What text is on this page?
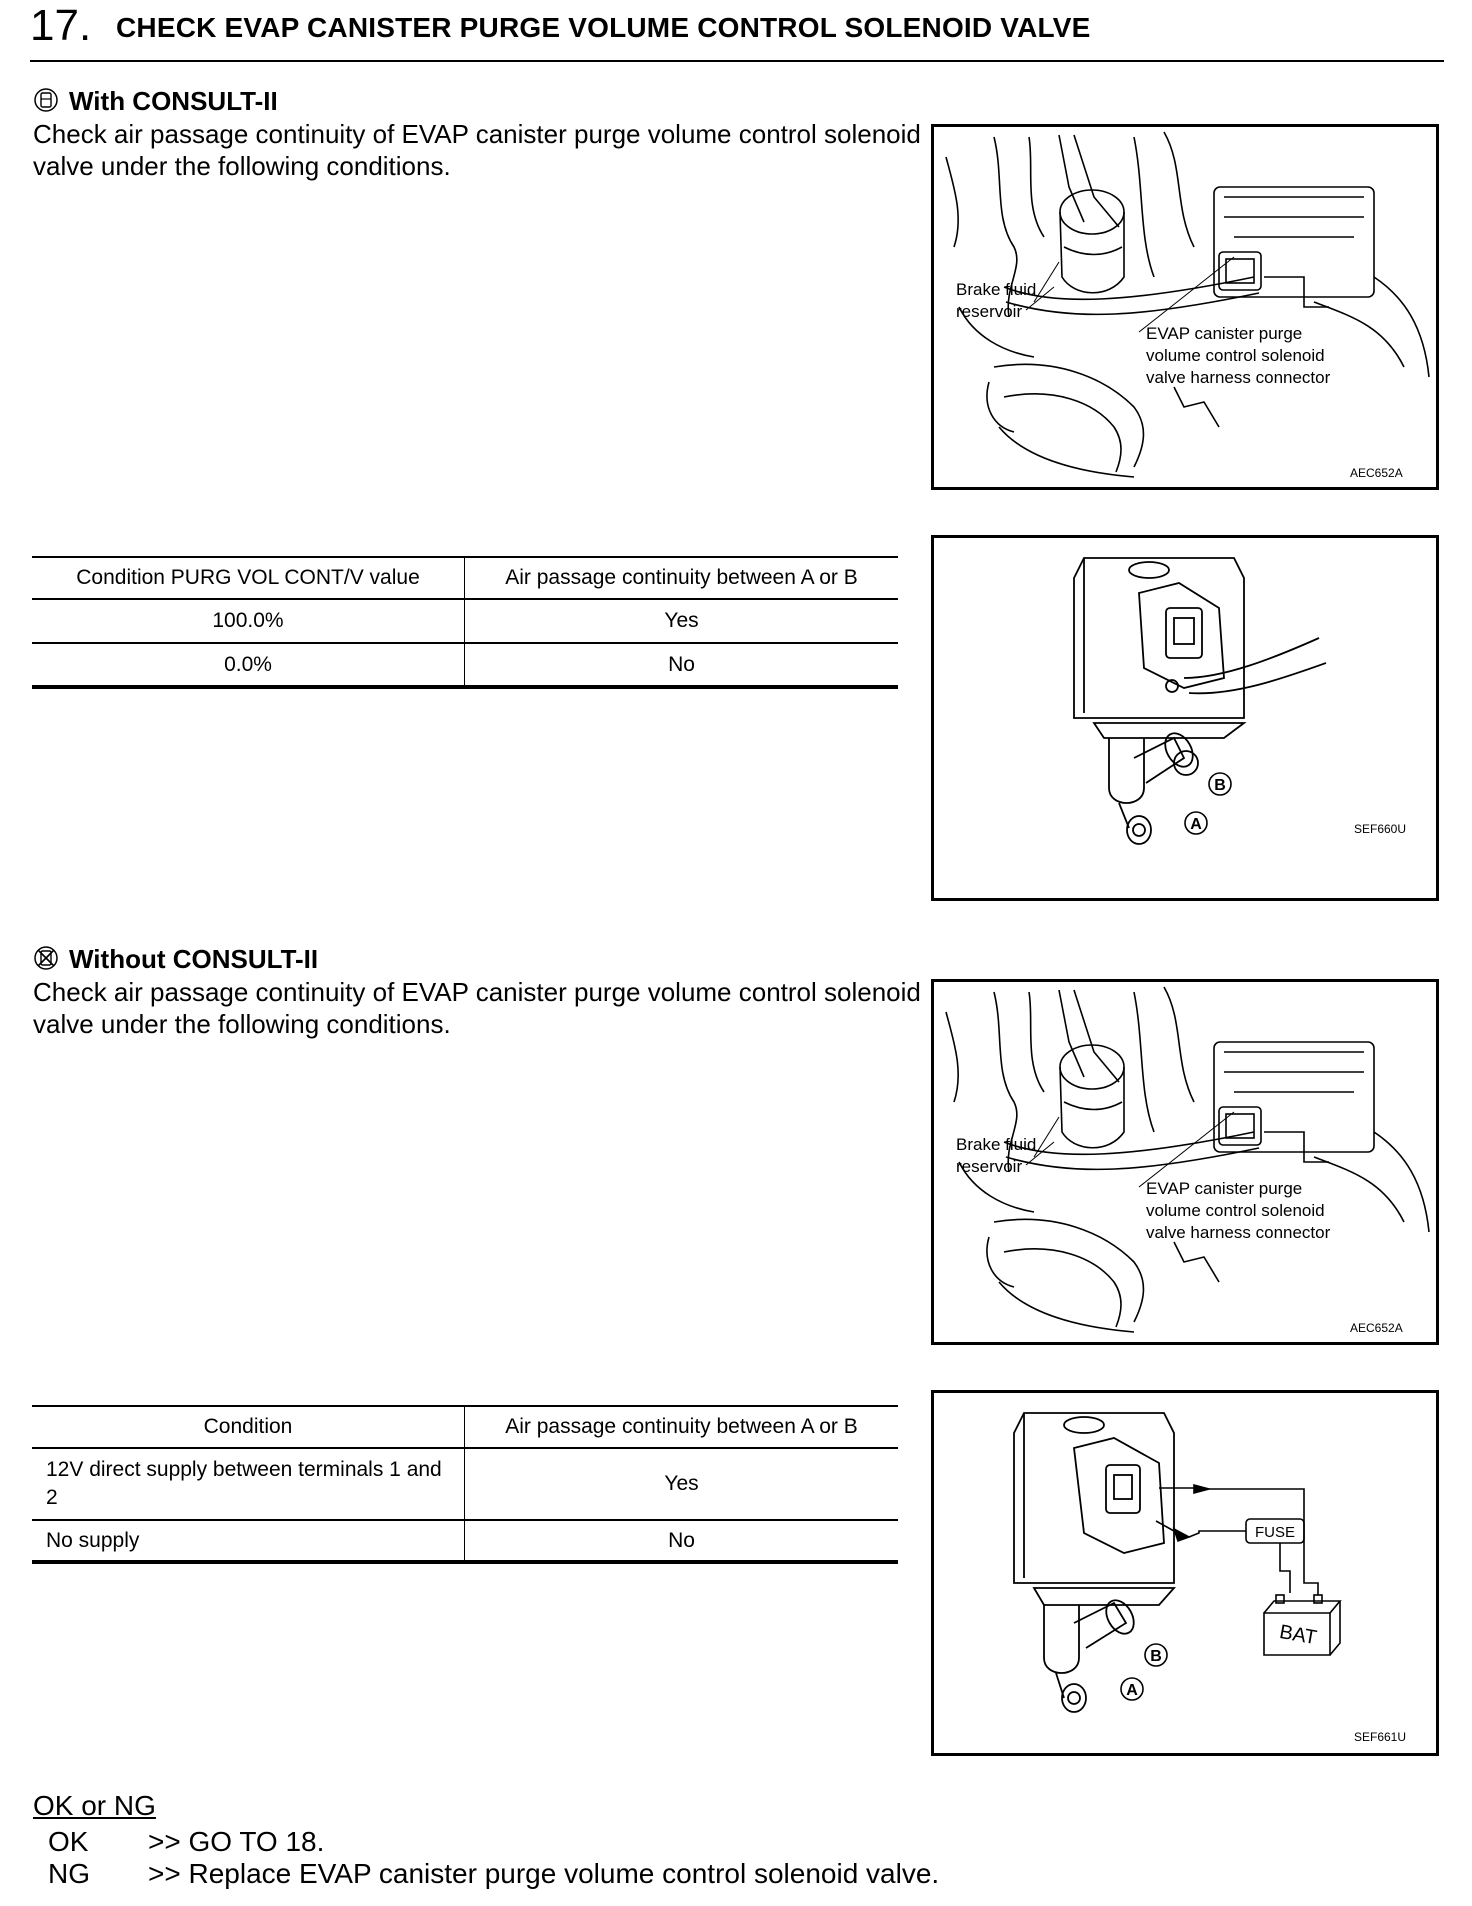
17. CHECK EVAP CANISTER PURGE VOLUME CONTROL SOLENOID VALVE
With CONSULT-II
Check air passage continuity of EVAP canister purge volume control solenoid valve under the following conditions.
Brake fluid
reservoir
EVAP canister purge
volume control solenoid
valve harness connector
AEC652A
Condition PURG VOL CONT/V value	Air passage continuity between A or B
100.0%	Yes
0.0%	No
B
A	SEF660U
Without CONSULT-II
Check air passage continuity of EVAP canister purge volume control solenoid valve under the following conditions.
Brake fluid
reservoir
EVAP canister purge
volume control solenoid
valve harness connector
AEC652A
Condition	Air passage continuity between A or B
12V direct supply between terminals 1 and 2	Yes
No supply	No	FUSE
BAT
B
A
SEF661U
OK or NG
OK >> GO TO 18.
NG >> Replace EVAP canister purge volume control solenoid valve.
